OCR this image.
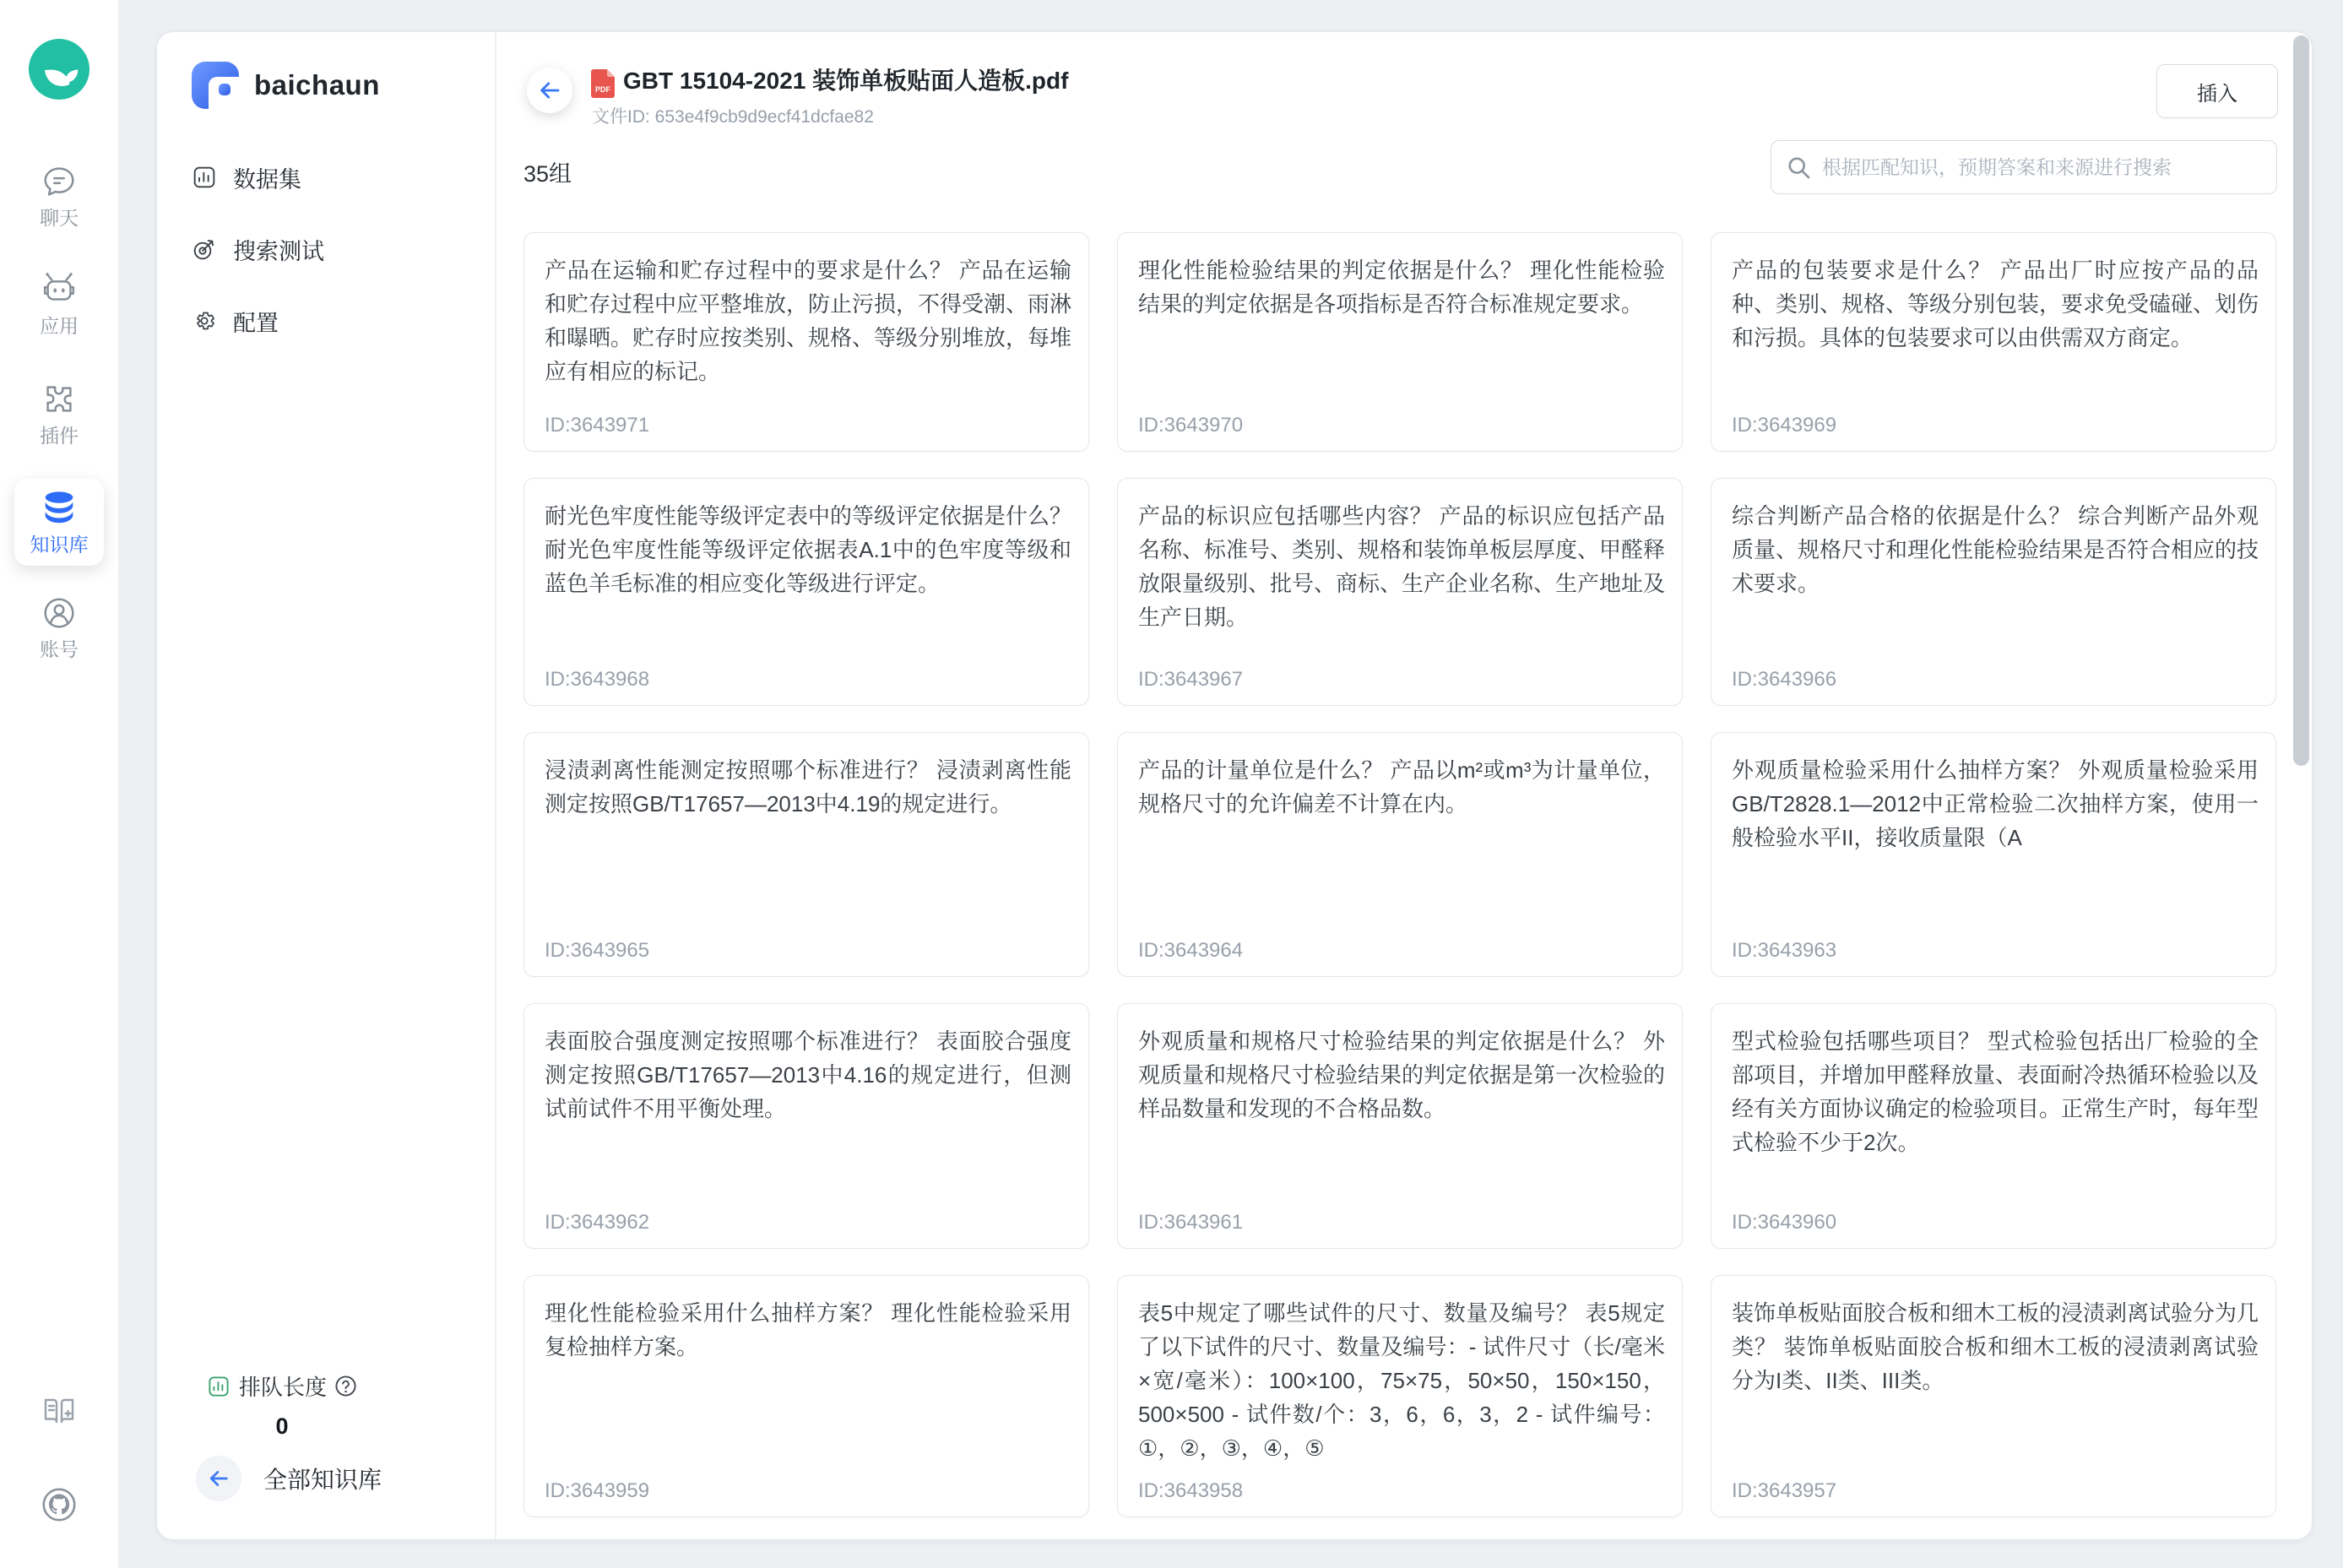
聊天
应用
插件
知识库
账号
baichaun
数据集
搜索测试
配置
排队长度
0
全部知识库
PDF GBT 15104-2021 装饰单板贴面人造板.pdf
文件ID: 653e4f9cb9d9ecf41dcfae82
插入
35组
根据匹配知识，预期答案和来源进行搜索
产品在运输和贮存过程中的要求是什么？ 产品在运输和贮存过程中应平整堆放，防止污损，不得受潮、雨淋和曝晒。贮存时应按类别、规格、等级分别堆放，每堆应有相应的标记。
ID:3643971
理化性能检验结果的判定依据是什么？ 理化性能检验结果的判定依据是各项指标是否符合标准规定要求。
ID:3643970
产品的包装要求是什么？ 产品出厂时应按产品的品种、类别、规格、等级分别包装，要求免受磕碰、划伤和污损。具体的包装要求可以由供需双方商定。
ID:3643969
耐光色牢度性能等级评定表中的等级评定依据是什么？耐光色牢度性能等级评定依据表A.1中的色牢度等级和蓝色羊毛标准的相应变化等级进行评定。
ID:3643968
产品的标识应包括哪些内容？ 产品的标识应包括产品名称、标准号、类别、规格和装饰单板层厚度、甲醛释放限量级别、批号、商标、生产企业名称、生产地址及生产日期。
ID:3643967
综合判断产品合格的依据是什么？ 综合判断产品外观质量、规格尺寸和理化性能检验结果是否符合相应的技术要求。
ID:3643966
浸渍剥离性能测定按照哪个标准进行？ 浸渍剥离性能测定按照GB/T17657—2013中4.19的规定进行。
ID:3643965
产品的计量单位是什么？ 产品以m²或m³为计量单位，规格尺寸的允许偏差不计算在内。
ID:3643964
外观质量检验采用什么抽样方案？ 外观质量检验采用GB/T2828.1—2012中正常检验二次抽样方案，使用一般检验水平II，接收质量限（A
ID:3643963
表面胶合强度测定按照哪个标准进行？ 表面胶合强度测定按照GB/T17657—2013中4.16的规定进行，但测试前试件不用平衡处理。
ID:3643962
外观质量和规格尺寸检验结果的判定依据是什么？ 外观质量和规格尺寸检验结果的判定依据是第一次检验的样品数量和发现的不合格品数。
ID:3643961
型式检验包括哪些项目？ 型式检验包括出厂检验的全部项目，并增加甲醛释放量、表面耐冷热循环检验以及经有关方面协议确定的检验项目。正常生产时，每年型式检验不少于2次。
ID:3643960
理化性能检验采用什么抽样方案？ 理化性能检验采用复检抽样方案。
ID:3643959
表5中规定了哪些试件的尺寸、数量及编号？ 表5规定了以下试件的尺寸、数量及编号：- 试件尺寸（长/毫米×宽/毫米）：100×100，75×75，50×50，150×150，500×500 - 试件数/个：3，6，6，3，2 - 试件编号：①，②，③，④，⑤
ID:3643958
装饰单板贴面胶合板和细木工板的浸渍剥离试验分为几类？ 装饰单板贴面胶合板和细木工板的浸渍剥离试验分为I类、II类、III类。
ID:3643957
